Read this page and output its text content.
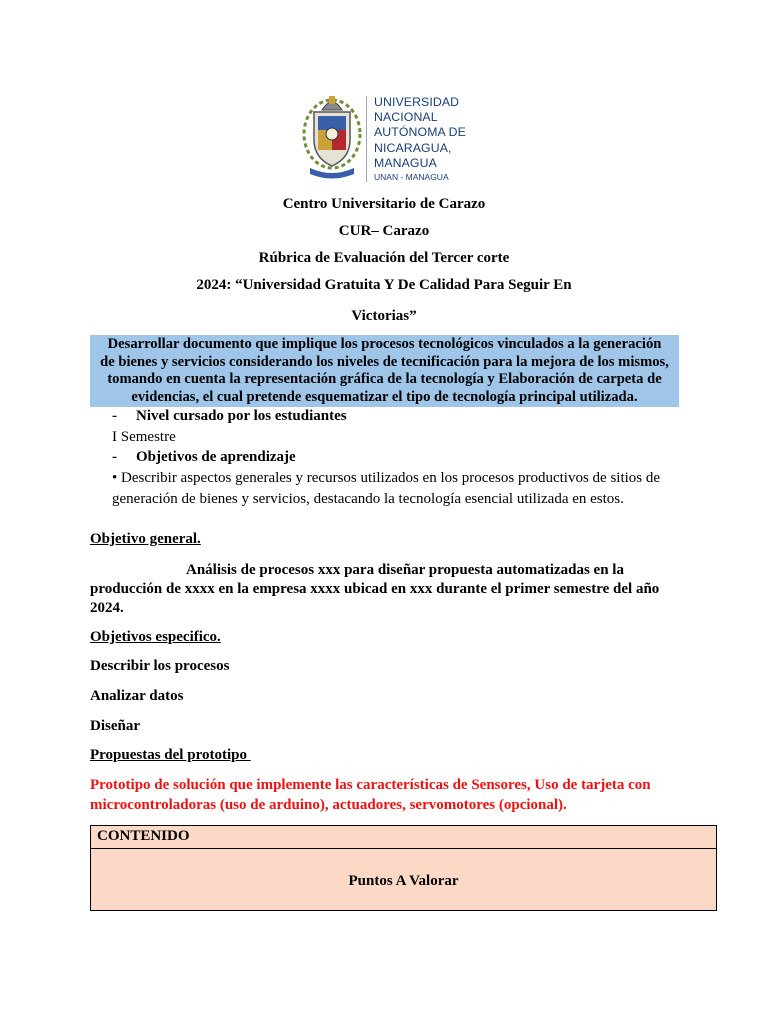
UNIVERSIDAD
NACIONAL
AUTÓNOMA DE
NICARAGUA,
MANAGUA
UNAN - MANAGUA
Centro Universitario de Carazo
CUR– Carazo
Rúbrica de Evaluación del Tercer corte
2024: “Universidad Gratuita Y De Calidad Para Seguir En
Victorias”
Desarrollar documento que implique los procesos tecnológicos vinculados a la generación
de bienes y servicios considerando los niveles de tecnificación para la mejora de los mismos,
tomando en cuenta la representación gráfica de la tecnología y Elaboración de carpeta de
evidencias, el cual pretende esquematizar el tipo de tecnología principal utilizada.
- Nivel cursado por los estudiantes
I Semestre
- Objetivos de aprendizaje
• Describir aspectos generales y recursos utilizados en los procesos productivos de sitios de
generación de bienes y servicios, destacando la tecnología esencial utilizada en estos.
Objetivo general.
Análisis de procesos xxx para diseñar propuesta automatizadas en la
producción de xxxx en la empresa xxxx ubicad en xxx durante el primer semestre del año
2024.
Objetivos especifico.
Describir los procesos
Analizar datos
Diseñar
Propuestas del prototipo
Prototipo de solución que implemente las características de Sensores, Uso de tarjeta con
microcontroladoras (uso de arduino), actuadores, servomotores (opcional).
CONTENIDO
Puntos A Valorar
